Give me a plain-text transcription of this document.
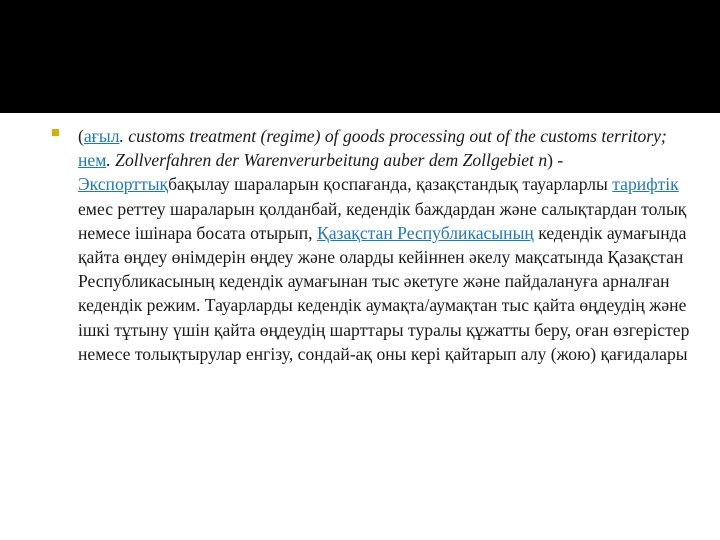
(ағыл. customs treatment (regime) of goods processing out of the customs territory; нем. Zollverfahren der Warenverurbeitung auber dem Zollgebiet n) - Экспорттықбақылау шараларын қоспағанда, қазақстандық тауарларлы тарифтік емес реттеу шараларын қолданбай, кедендік баждардан және салықтардан толық немесе ішінара босата отырып, Қазақстан Республикасының кедендік аумағында қайта өңдеу өнімдерін өңдеу және оларды кейіннен әкелу мақсатында Қазақстан Республикасының кедендік аумағынан тыс әкетуге және пайдалануға арналған кедендік режим. Тауарларды кедендік аумақта/аумақтан тыс қайта өңдеудің және ішкі тұтыну үшін қайта өңдеудің шарттары туралы құжатты беру, оған өзгерістер немесе толықтырулар енгізу, сондай-ақ оны кері қайтарып алу (жою) қағидалары
